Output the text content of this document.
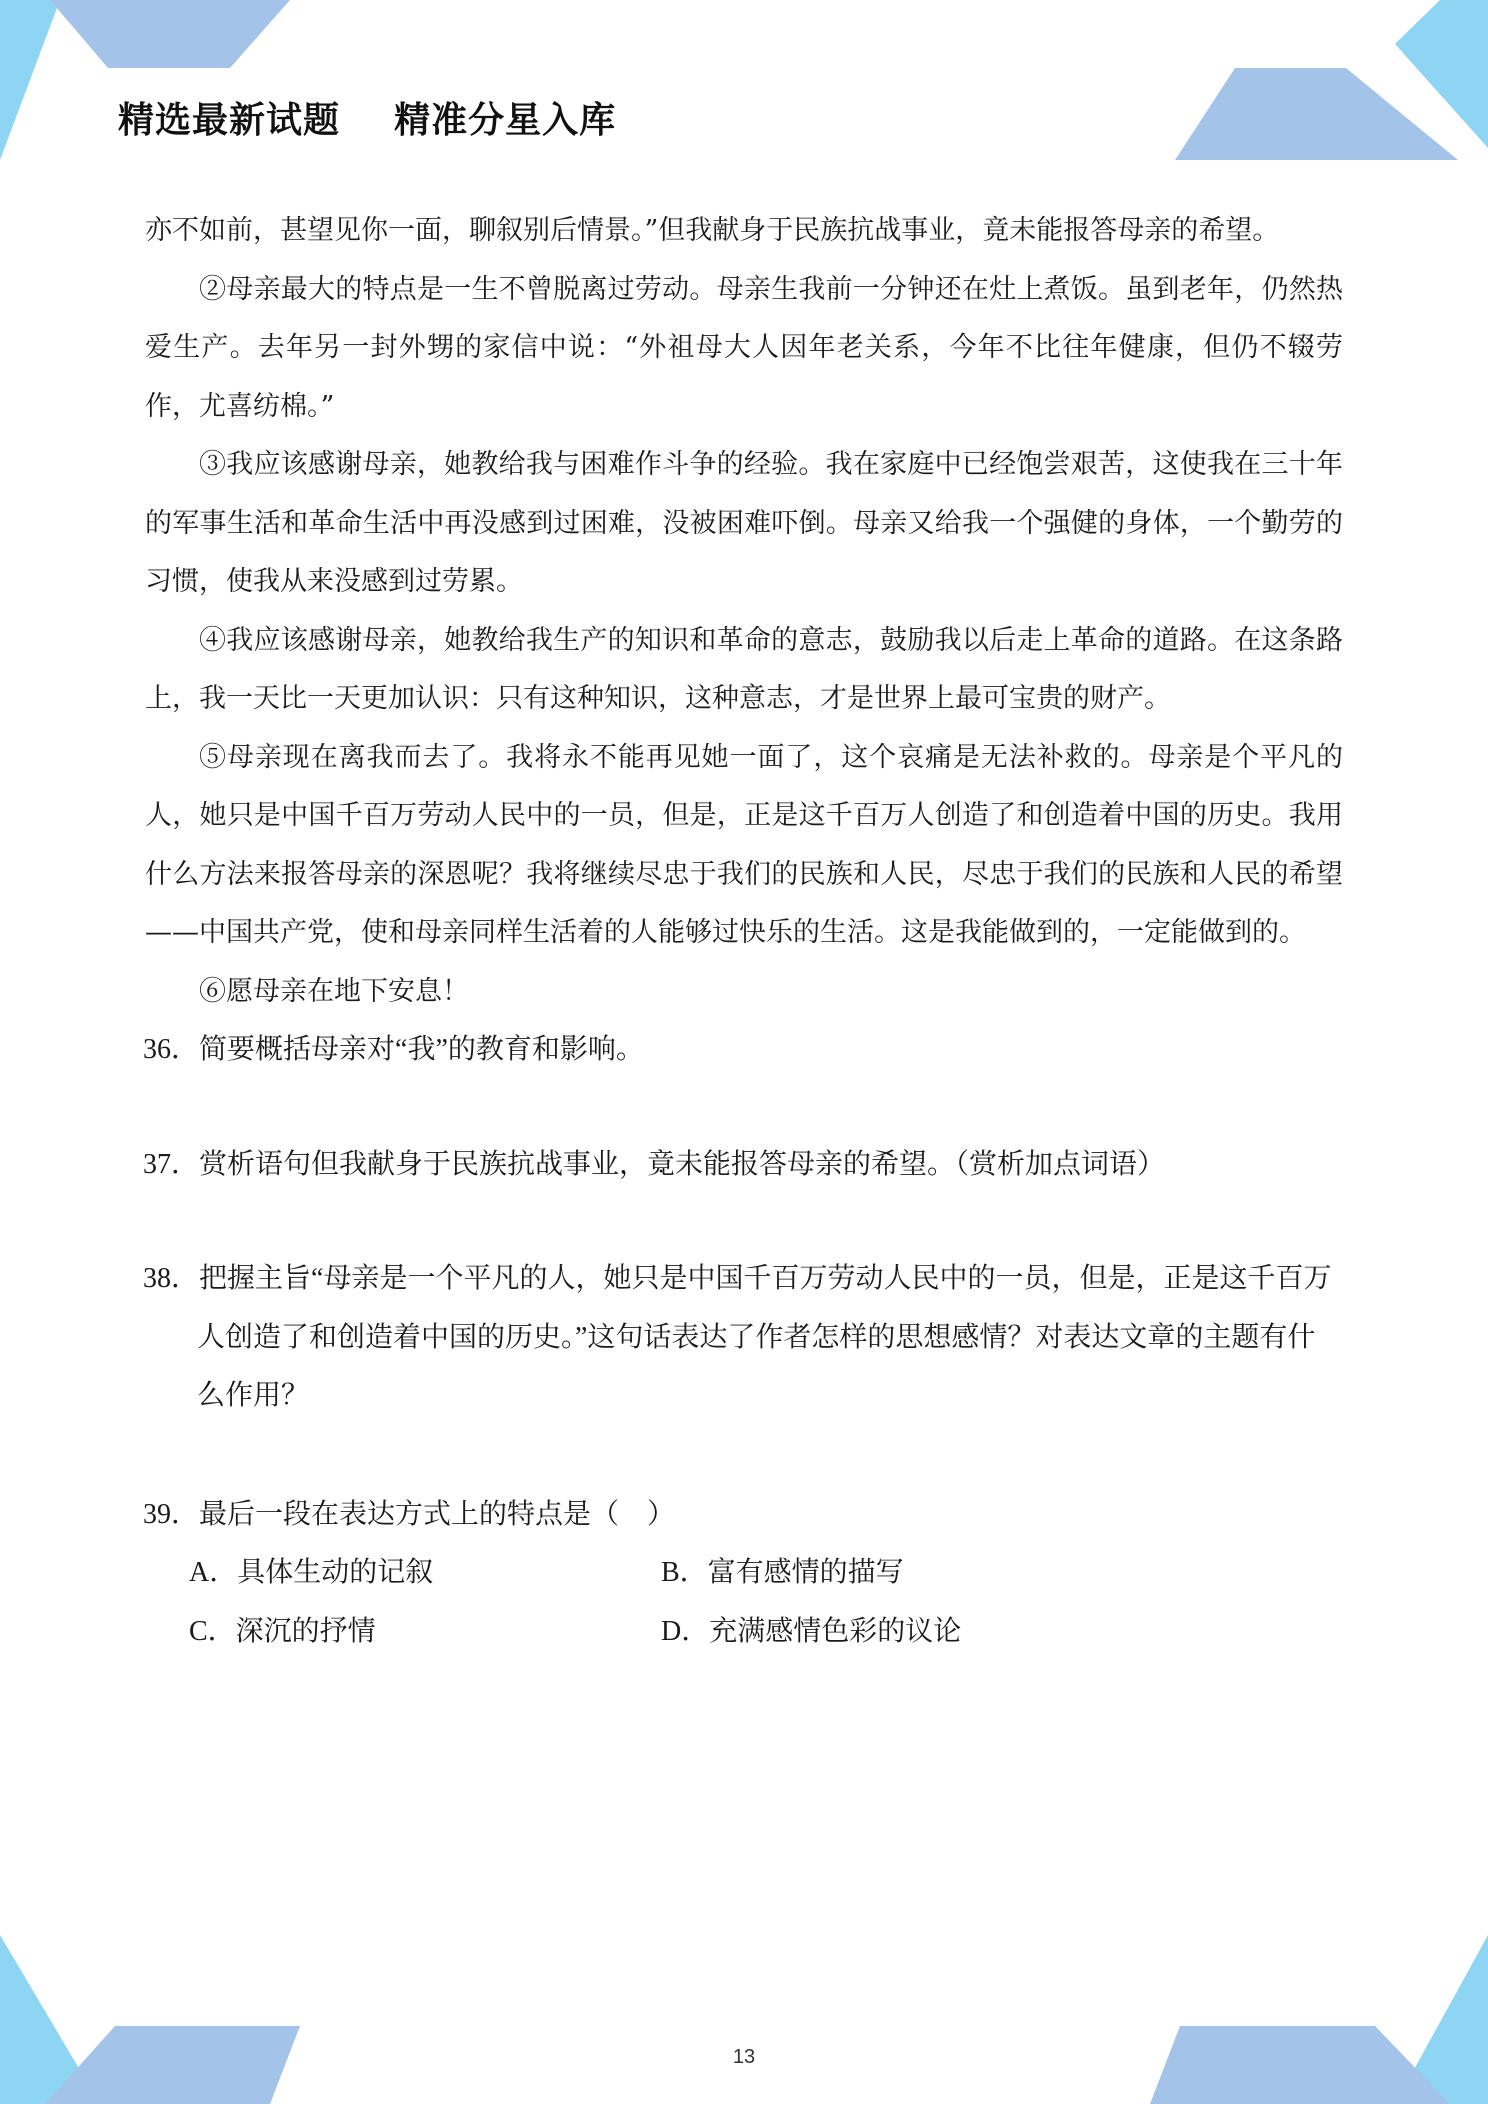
精选最新试题    精准分星入库

亦不如前，甚望见你一面，聊叙别后情景。”但我献身于民族抗战事业，竟未能报答母亲的希望。

②母亲最大的特点是一生不曾脱离过劳动。母亲生我前一分钟还在灶上煮饭。虽到老年，仍然热爱生产。去年另一封外甥的家信中说：“外祖母大人因年老关系，今年不比往年健康，但仍不辍劳作，尤喜纺棉。”

③我应该感谢母亲，她教给我与困难作斗争的经验。我在家庭中已经饱尝艰苦，这使我在三十年的军事生活和革命生活中再没感到过困难，没被困难吓倒。母亲又给我一个强健的身体，一个勤劳的习惯，使我从来没感到过劳累。

④我应该感谢母亲，她教给我生产的知识和革命的意志，鼓励我以后走上革命的道路。在这条路上，我一天比一天更加认识：只有这种知识，这种意志，才是世界上最可宝贵的财产。

⑤母亲现在离我而去了。我将永不能再见她一面了，这个哀痛是无法补救的。母亲是个平凡的人，她只是中国千百万劳动人民中的一员，但是，正是这千百万人创造了和创造着中国的历史。我用什么方法来报答母亲的深恩呢？我将继续尽忠于我们的民族和人民，尽忠于我们的民族和人民的希望——中国共产党，使和母亲同样生活着的人能够过快乐的生活。这是我能做到的，一定能做到的。

⑥愿母亲在地下安息！

36．简要概括母亲对“我”的教育和影响。

37．赏析语句但我献身于民族抗战事业，竟未能报答母亲的希望。（赏析加点词语）

38．把握主旨“母亲是一个平凡的人，她只是中国千百万劳动人民中的一员，但是，正是这千百万人创造了和创造着中国的历史。”这句话表达了作者怎样的思想感情？对表达文章的主题有什么作用？

39．最后一段在表达方式上的特点是（　）

A．具体生动的记叙	B．富有感情的描写
C．深沉的抒情	D．充满感情色彩的议论
13
